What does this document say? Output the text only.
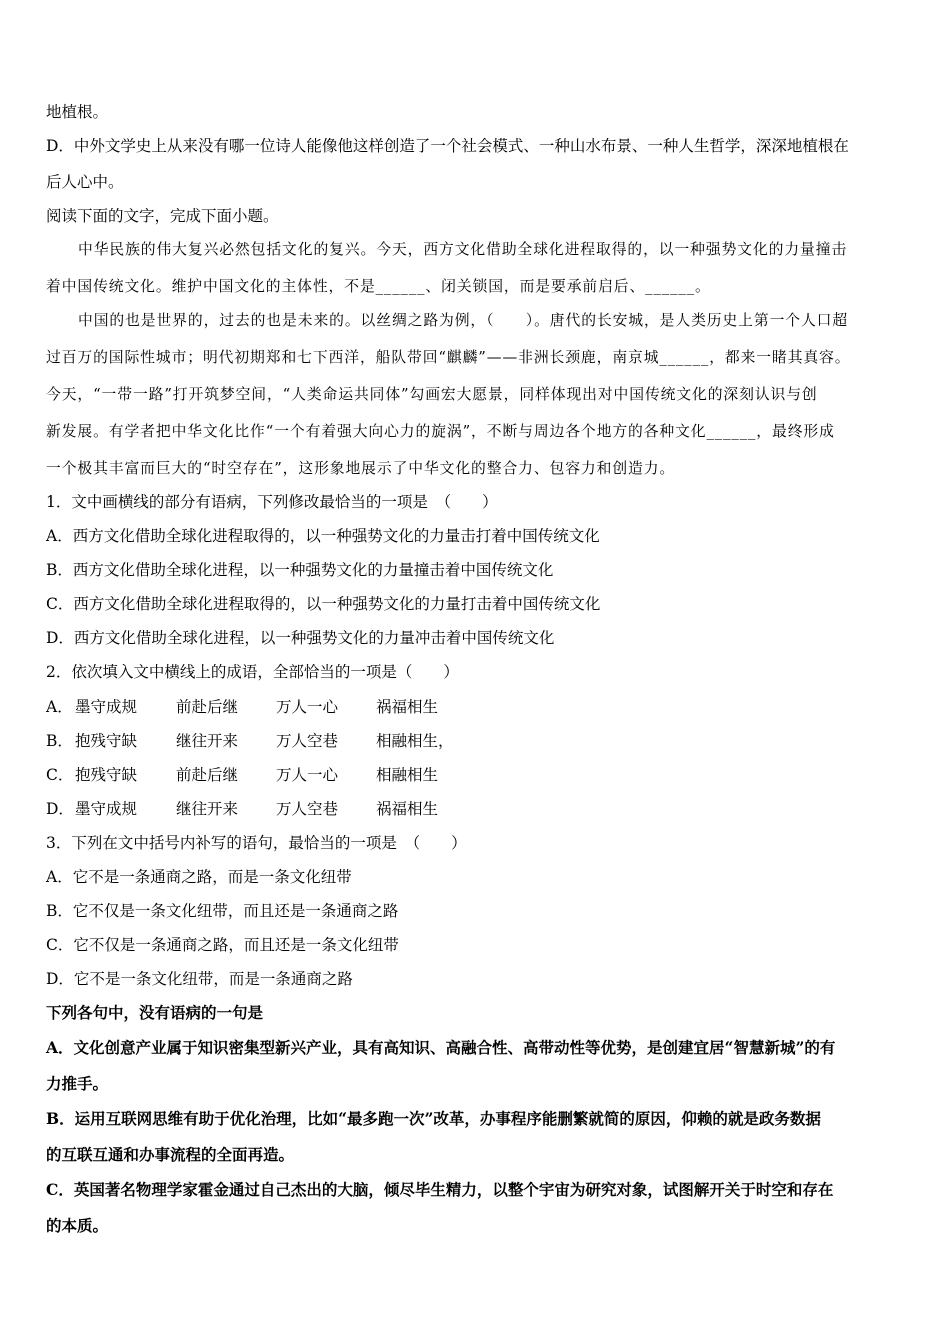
地植根。
D．中外文学史上从来没有哪一位诗人能像他这样创造了一个社会模式、一种山水布景、一种人生哲学，深深地植根在
后人心中。
阅读下面的文字，完成下面小题。
中华民族的伟大复兴必然包括文化的复兴。今天，西方文化借助全球化进程取得的，以一种强势文化的力量撞击
着中国传统文化。维护中国文化的主体性，不是______、闭关锁国，而是要承前启后、______。
中国的也是世界的，过去的也是未来的。以丝绸之路为例，（　　）。唐代的长安城，是人类历史上第一个人口超
过百万的国际性城市；明代初期郑和七下西洋，船队带回“麒麟”——非洲长颈鹿，南京城______，都来一睹其真容。
今天，“一带一路”打开筑梦空间，“人类命运共同体”勾画宏大愿景，同样体现出对中国传统文化的深刻认识与创
新发展。有学者把中华文化比作“一个有着强大向心力的旋涡”，不断与周边各个地方的各种文化______，最终形成
一个极其丰富而巨大的“时空存在”，这形象地展示了中华文化的整合力、包容力和创造力。
1．文中画横线的部分有语病，下列修改最恰当的一项是　（　　）
A．西方文化借助全球化进程取得的，以一种强势文化的力量击打着中国传统文化
B．西方文化借助全球化进程，以一种强势文化的力量撞击着中国传统文化
C．西方文化借助全球化进程取得的，以一种强势文化的力量打击着中国传统文化
D．西方文化借助全球化进程，以一种强势文化的力量冲击着中国传统文化
2．依次填入文中横线上的成语，全部恰当的一项是（　　）
A． 墨守成规	前赴后继 万人一心 祸福相生
B． 抱残守缺	继往开来 万人空巷 相融相生，
C． 抱残守缺	前赴后继 万人一心 相融相生
D． 墨守成规	继往开来 万人空巷 祸福相生
3．下列在文中括号内补写的语句，最恰当的一项是　（　　）
A．它不是一条通商之路，而是一条文化纽带
B．它不仅是一条文化纽带，而且还是一条通商之路
C．它不仅是一条通商之路，而且还是一条文化纽带
D．它不是一条文化纽带，而是一条通商之路
下列各句中，没有语病的一句是
A．文化创意产业属于知识密集型新兴产业，具有高知识、高融合性、高带动性等优势，是创建宜居“智慧新城”的有
力推手。
B．运用互联网思维有助于优化治理，比如“最多跑一次”改革，办事程序能删繁就简的原因，仰赖的就是政务数据
的互联互通和办事流程的全面再造。
C．英国著名物理学家霍金通过自己杰出的大脑，倾尽毕生精力，以整个宇宙为研究对象，试图解开关于时空和存在
的本质。
